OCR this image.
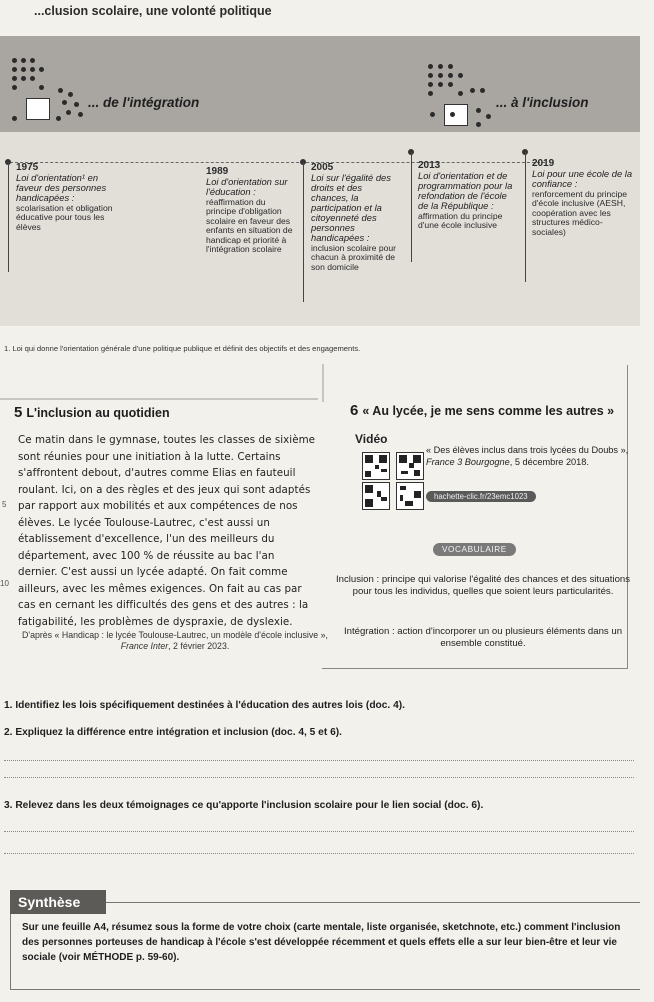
...clusion scolaire, une volonté politique
... de l'intégration	... à l'inclusion
1975
Loi d'orientation¹ en faveur des personnes handicapées :
scolarisation et obligation éducative pour tous les élèves
1989
Loi d'orientation sur l'éducation :
réaffirmation du principe d'obligation scolaire en faveur des enfants en situation de handicap et priorité à l'intégration scolaire
2005
Loi sur l'égalité des droits et des chances, la participation et la citoyenneté des personnes handicapées :
inclusion scolaire pour chacun à proximité de son domicile
2013
Loi d'orientation et de programmation pour la refondation de l'école de la République :
affirmation du principe d'une école inclusive
2019
Loi pour une école de la confiance :
renforcement du principe d'école inclusive (AESH, coopération avec les structures médico-sociales)
1. Loi qui donne l'orientation générale d'une politique publique et définit des objectifs et des engagements.
5 L'inclusion au quotidien
Ce matin dans le gymnase, toutes les classes de sixième sont réunies pour une initiation à la lutte. Certains s'affrontent debout, d'autres comme Elias en fauteuil roulant. Ici, on a des règles et des jeux qui sont adaptés par rapport aux mobilités et aux compétences de nos élèves. Le lycée Toulouse-Lautrec, c'est aussi un établissement d'excellence, l'un des meilleurs du département, avec 100 % de réussite au bac l'an dernier. C'est aussi un lycée adapté. On fait comme ailleurs, avec les mêmes exigences. On fait au cas par cas en cernant les difficultés des gens et des autres : la fatigabilité, les problèmes de dyspraxie, de dyslexie.
5
10
D'après « Handicap : le lycée Toulouse-Lautrec, un modèle d'école inclusive », France Inter, 2 février 2023.
6 « Au lycée, je me sens comme les autres »
Vidéo
« Des élèves inclus dans trois lycées du Doubs », France 3 Bourgogne, 5 décembre 2018.
hachette-clic.fr/23emc1023
VOCABULAIRE
Inclusion : principe qui valorise l'égalité des chances et des situations pour tous les individus, quelles que soient leurs particularités.
Intégration : action d'incorporer un ou plusieurs éléments dans un ensemble constitué.
1. Identifiez les lois spécifiquement destinées à l'éducation des autres lois (doc. 4).
2. Expliquez la différence entre intégration et inclusion (doc. 4, 5 et 6).
3. Relevez dans les deux témoignages ce qu'apporte l'inclusion scolaire pour le lien social (doc. 6).
Synthèse
Sur une feuille A4, résumez sous la forme de votre choix (carte mentale, liste organisée, sketchnote, etc.) comment l'inclusion des personnes porteuses de handicap à l'école s'est développée récemment et quels effets elle a sur leur bien-être et leur vie sociale (voir MÉTHODE p. 59-60).
